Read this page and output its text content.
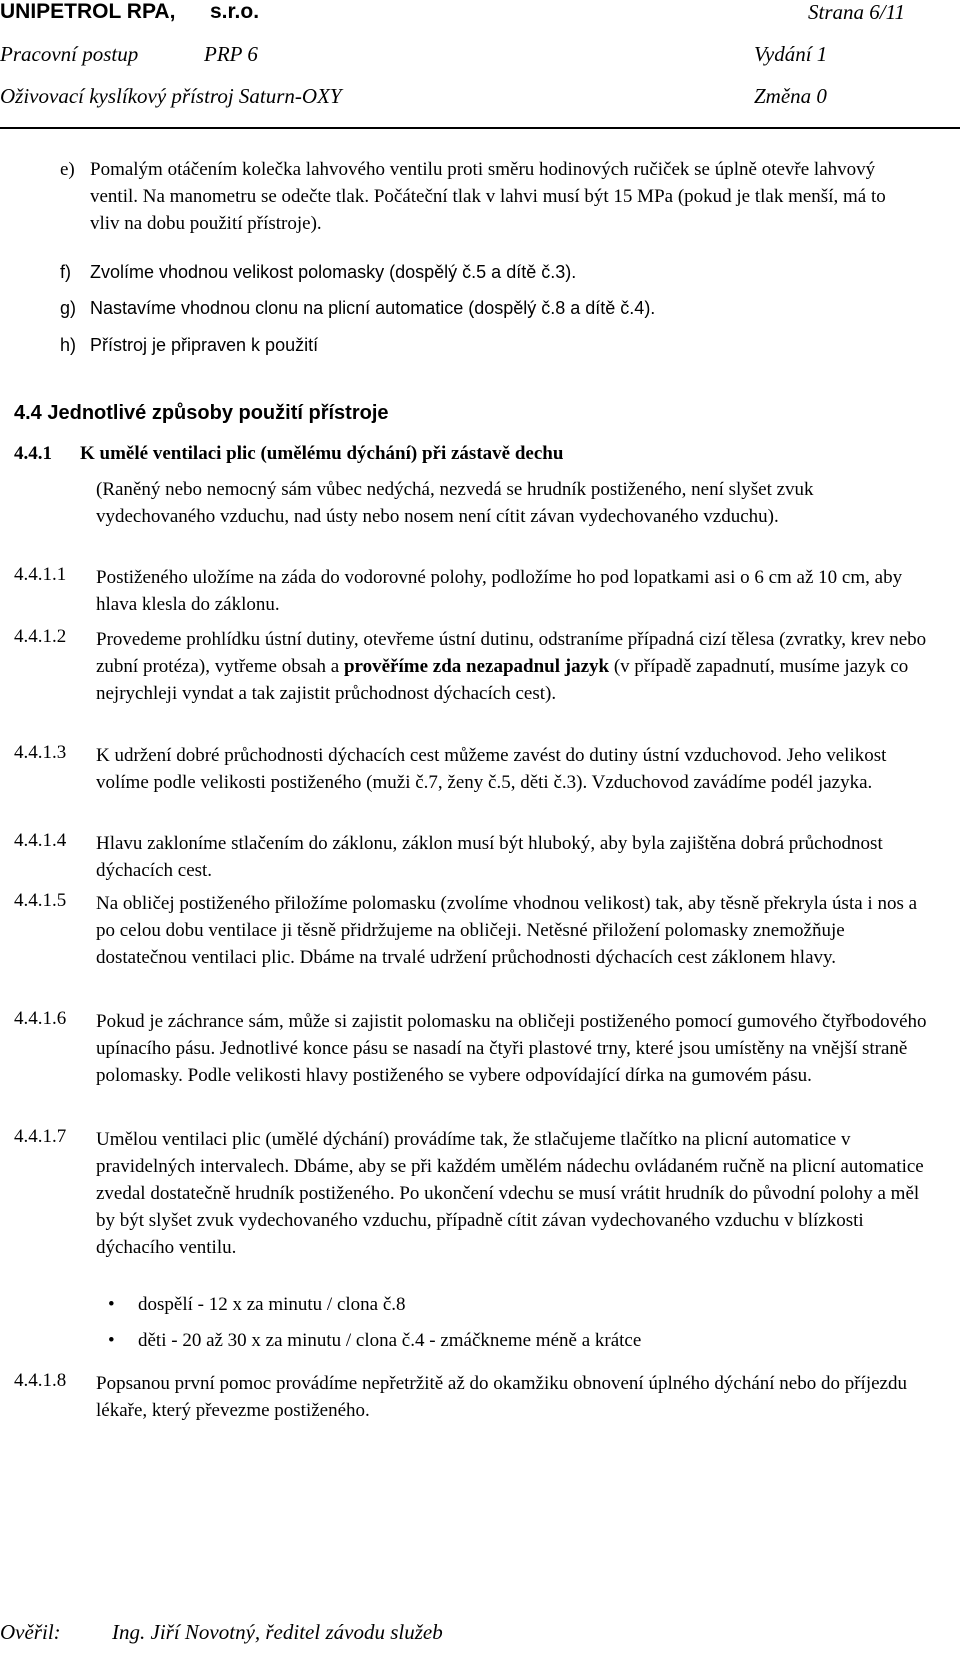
UNIPETROL RPA, s.r.o.	Strana 6/11
Pracovní postup	PRP 6	Vydání 1
Oživovací kyslíkový přístroj Saturn-OXY	Změna 0
e) Pomalým otáčením kolečka lahvového ventilu proti směru hodinových ručiček se úplně otevře lahvový ventil. Na manometru se odečte tlak. Počáteční tlak v lahvi musí být 15 MPa (pokud je tlak menší, má to vliv na dobu použití přístroje).
f) Zvolíme vhodnou velikost polomasky (dospělý č.5 a dítě č.3).
g) Nastavíme vhodnou clonu na plicní automatice (dospělý č.8 a dítě č.4).
h) Přístroj je připraven k použití
4.4 Jednotlivé způsoby použití přístroje
4.4.1 K umělé ventilaci plic (umělému dýchání) při zástavě dechu
(Raněný nebo nemocný sám vůbec nedýchá, nezvedá se hrudník postiženého, není slyšet zvuk vydechovaného vzduchu, nad ústy nebo nosem není cítit závan vydechovaného vzduchu).
4.4.1.1 Postiženého uložíme na záda do vodorovné polohy, podložíme ho pod lopatkami asi o 6 cm až 10 cm, aby hlava klesla do záklonu.
4.4.1.2 Provedeme prohlídku ústní dutiny, otevřeme ústní dutinu, odstraníme případná cizí tělesa (zvratky, krev nebo zubní protéza), vytřeme obsah a prověříme zda nezapadnul jazyk (v případě zapadnutí, musíme jazyk co nejrychleji vyndat a tak zajistit průchodnost dýchacích cest).
4.4.1.3 K udržení dobré průchodnosti dýchacích cest můžeme zavést do dutiny ústní vzduchovod. Jeho velikost volíme podle velikosti postiženého (muži č.7, ženy č.5, děti č.3). Vzduchovod zavádíme podél jazyka.
4.4.1.4 Hlavu zakloníme stlačením do záklonu, záklon musí být hluboký, aby byla zajištěna dobrá průchodnost dýchacích cest.
4.4.1.5 Na obličej postiženého přiložíme polomasku (zvolíme vhodnou velikost) tak, aby těsně překryla ústa i nos a po celou dobu ventilace ji těsně přidržujeme na obličeji. Netěsné přiložení polomasky znemožňuje dostatečnou ventilaci plic. Dbáme na trvalé udržení průchodnosti dýchacích cest záklonem hlavy.
4.4.1.6 Pokud je záchrance sám, může si zajistit polomasku na obličeji postiženého pomocí gumového čtyřbodového upínacího pásu. Jednotlivé konce pásu se nasadí na čtyři plastové trny, které jsou umístěny na vnější straně polomasky. Podle velikosti hlavy postiženého se vybere odpovídající dírka na gumovém pásu.
4.4.1.7 Umělou ventilaci plic (umělé dýchání) provádíme tak, že stlačujeme tlačítko na plicní automatice v pravidelných intervalech. Dbáme, aby se při každém umělém nádechu ovládaném ručně na plicní automatice zvedal dostatečně hrudník postiženého. Po ukončení vdechu se musí vrátit hrudník do původní polohy a měl by být slyšet zvuk vydechovaného vzduchu, případně cítit závan vydechovaného vzduchu v blízkosti dýchacího ventilu.
• dospělí - 12 x za minutu / clona č.8
• děti - 20 až 30 x za minutu / clona č.4 - zmáčkneme méně a krátce
4.4.1.8 Popsanou první pomoc provádíme nepřetržitě až do okamžiku obnovení úplného dýchání nebo do příjezdu lékaře, který převezme postiženého.
Ověřil: Ing. Jiří Novotný, ředitel závodu služeb
